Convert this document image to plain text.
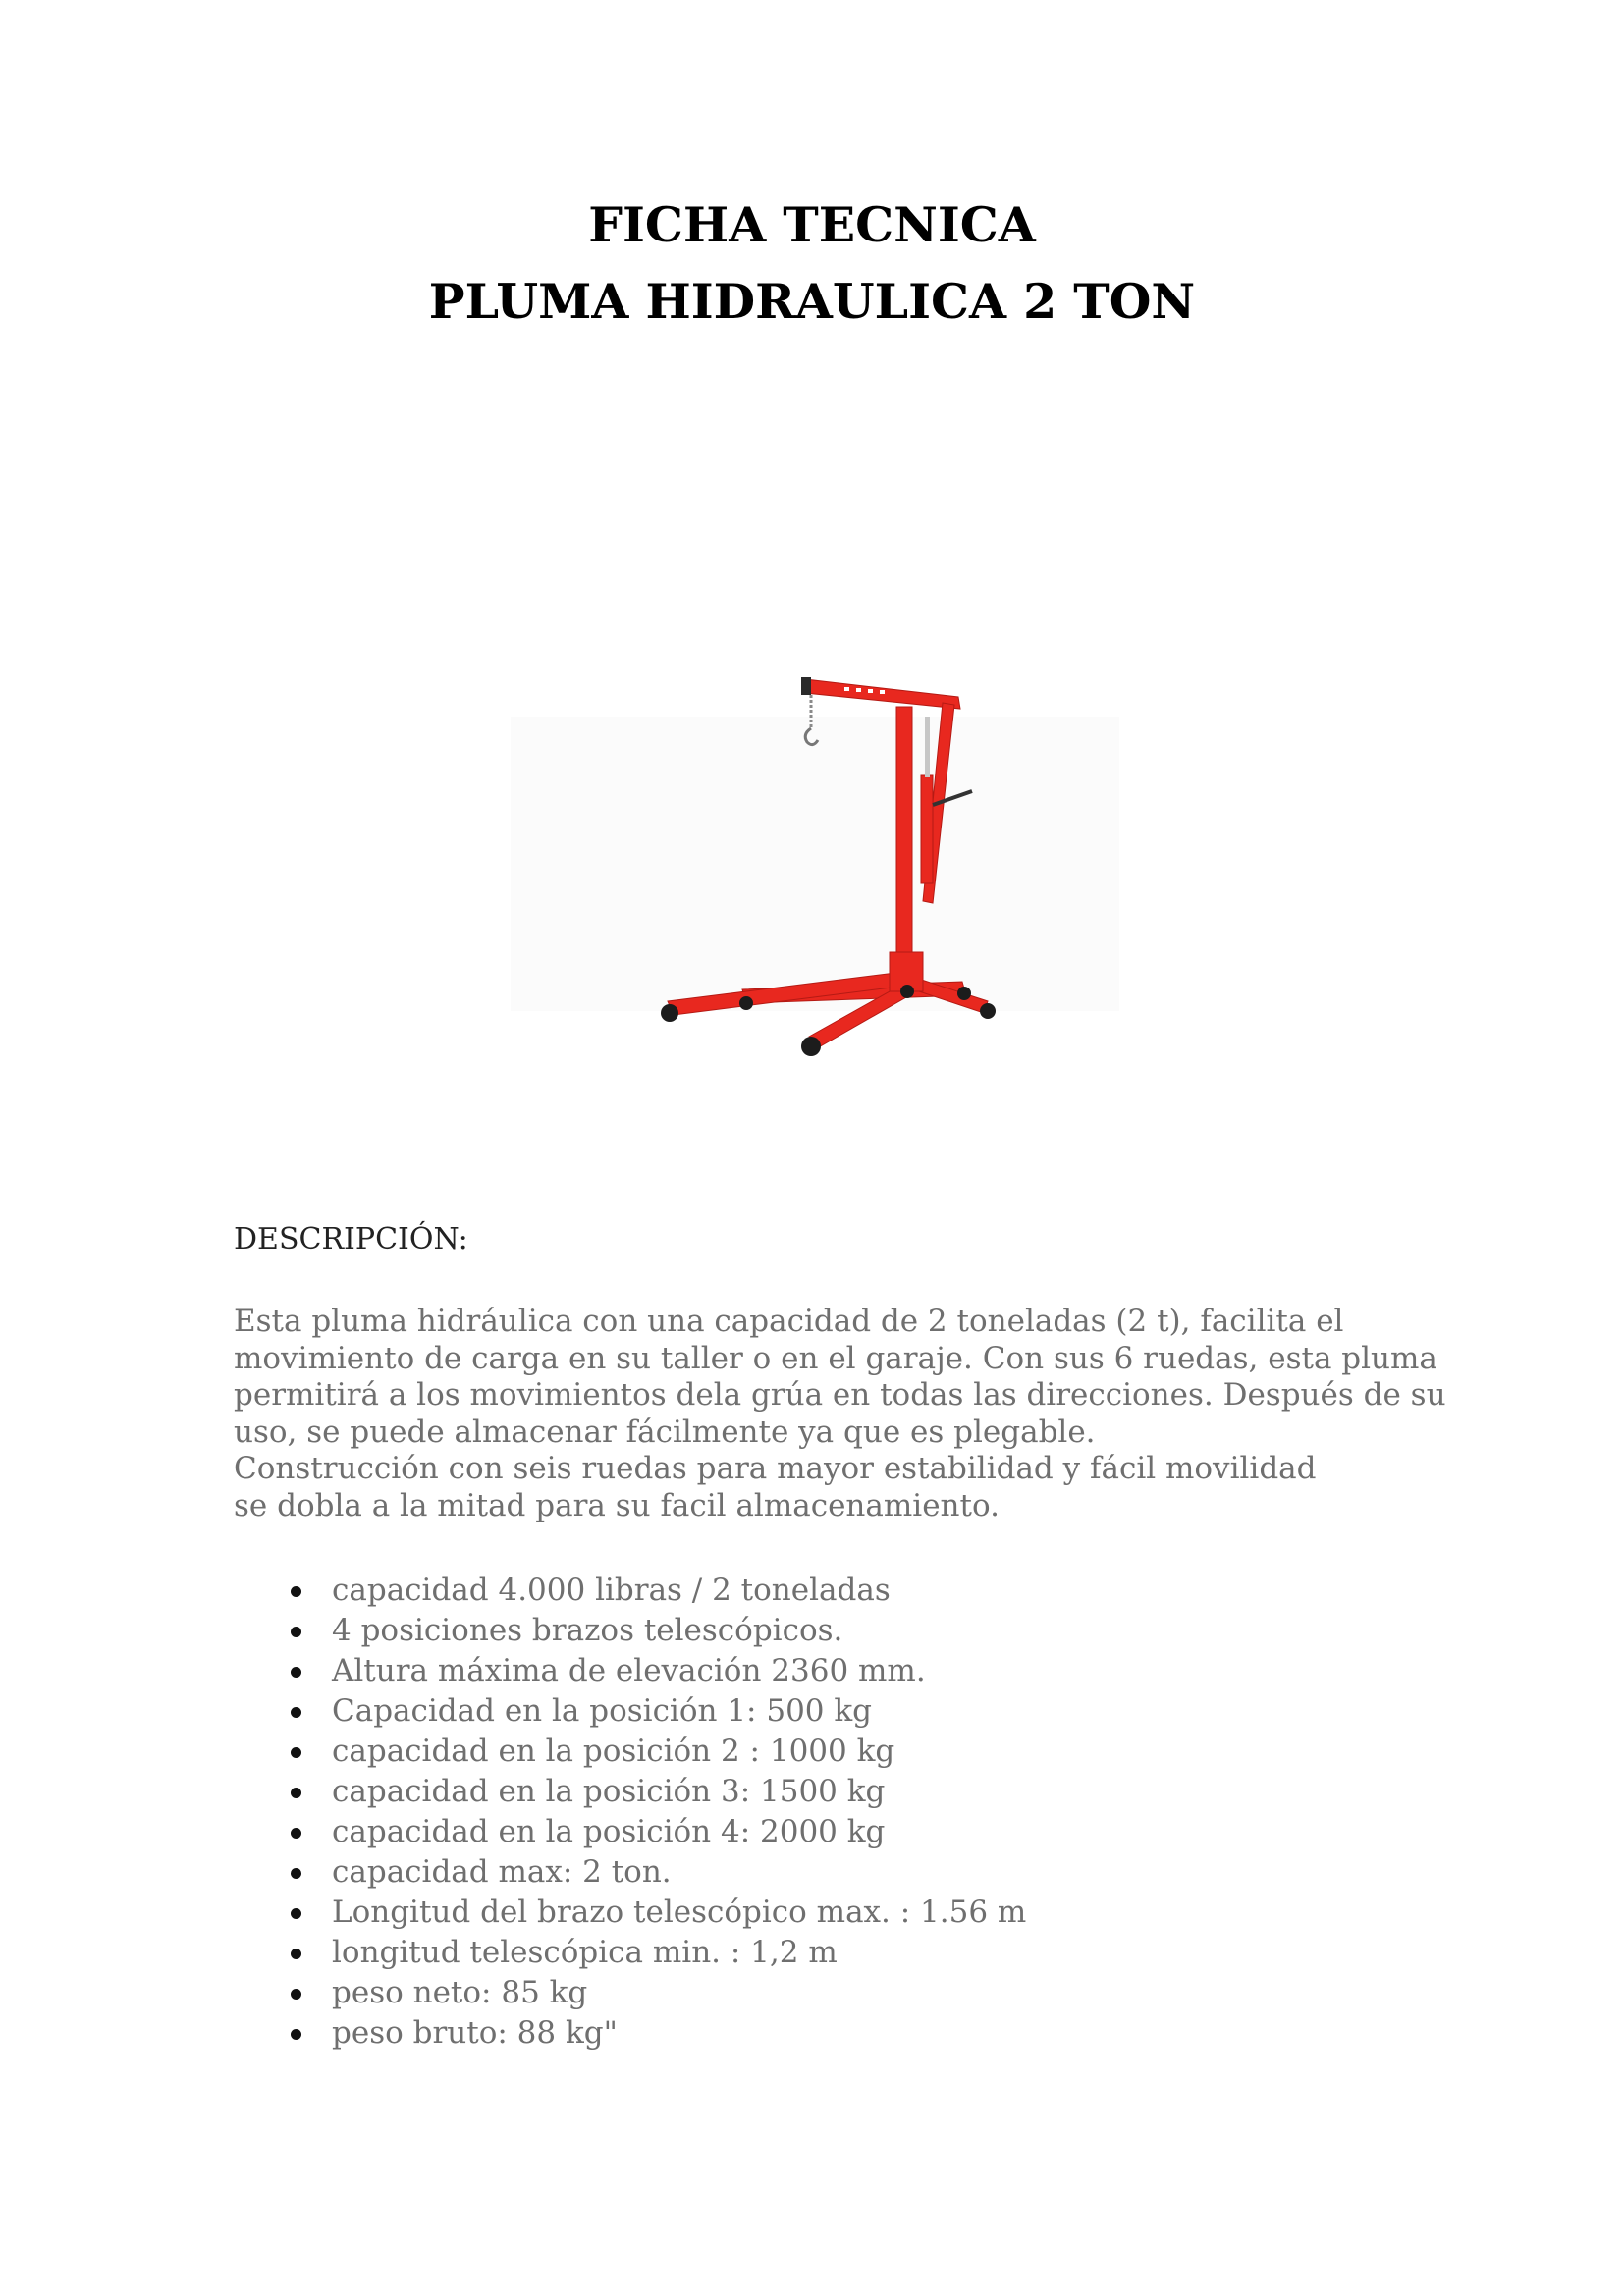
FICHA TECNICA
PLUMA HIDRAULICA 2 TON
DESCRIPCIÓN:
Esta pluma hidráulica con una capacidad de 2 toneladas (2 t), facilita el
movimiento de carga en su taller o en el garaje. Con sus 6 ruedas, esta pluma
permitirá a los movimientos dela grúa en todas las direcciones. Después de su
uso, se puede almacenar fácilmente ya que es plegable.
Construcción con seis ruedas para mayor estabilidad y fácil movilidad
se dobla a la mitad para su facil almacenamiento.
capacidad 4.000 libras / 2 toneladas
4 posiciones brazos telescópicos.
Altura máxima de elevación 2360 mm.
Capacidad en la posición 1: 500 kg
capacidad en la posición 2 : 1000 kg
capacidad en la posición 3: 1500 kg
capacidad en la posición 4: 2000 kg
capacidad max: 2 ton.
Longitud del brazo telescópico max. : 1.56 m
longitud telescópica min. : 1,2 m
peso neto: 85 kg
peso bruto: 88 kg"
